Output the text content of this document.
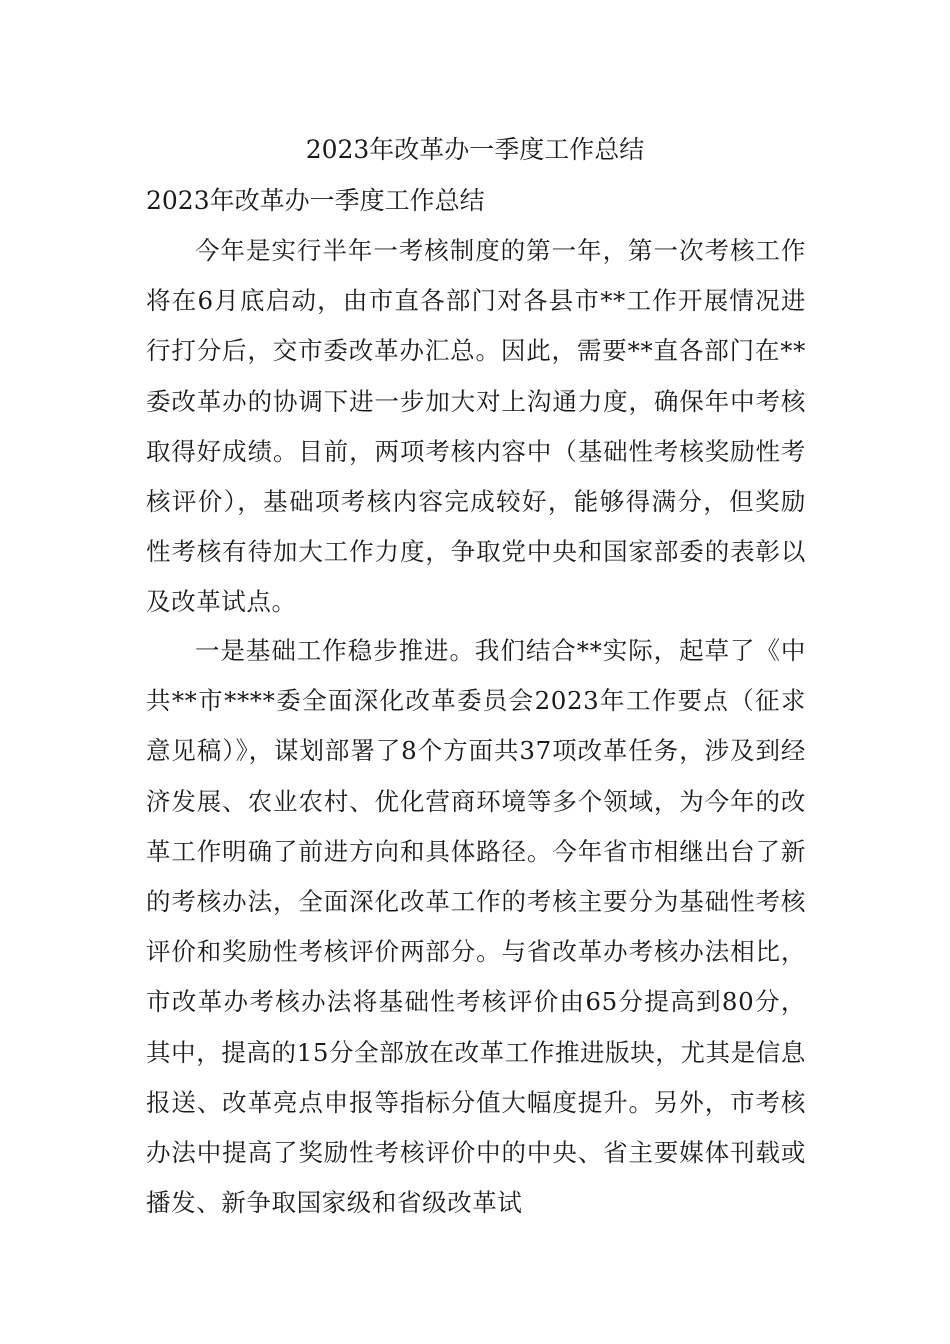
2023年改革办一季度工作总结
2023年改革办一季度工作总结

今年是实行半年一考核制度的第一年，第一次考核工作将在6月底启动，由市直各部门对各县市**工作开展情况进行打分后，交市委改革办汇总。因此，需要**直各部门在**委改革办的协调下进一步加大对上沟通力度，确保年中考核取得好成绩。目前，两项考核内容中（基础性考核奖励性考核评价），基础项考核内容完成较好，能够得满分，但奖励性考核有待加大工作力度，争取党中央和国家部委的表彰以及改革试点。

一是基础工作稳步推进。我们结合**实际，起草了《中共**市****委全面深化改革委员会2023年工作要点（征求意见稿）》，谋划部署了8个方面共37项改革任务，涉及到经济发展、农业农村、优化营商环境等多个领域，为今年的改革工作明确了前进方向和具体路径。今年省市相继出台了新的考核办法，全面深化改革工作的考核主要分为基础性考核评价和奖励性考核评价两部分。与省改革办考核办法相比，市改革办考核办法将基础性考核评价由65分提高到80分，其中，提高的15分全部放在改革工作推进版块，尤其是信息报送、改革亮点申报等指标分值大幅度提升。另外，市考核办法中提高了奖励性考核评价中的中央、省主要媒体刊载或播发、新争取国家级和省级改革试
